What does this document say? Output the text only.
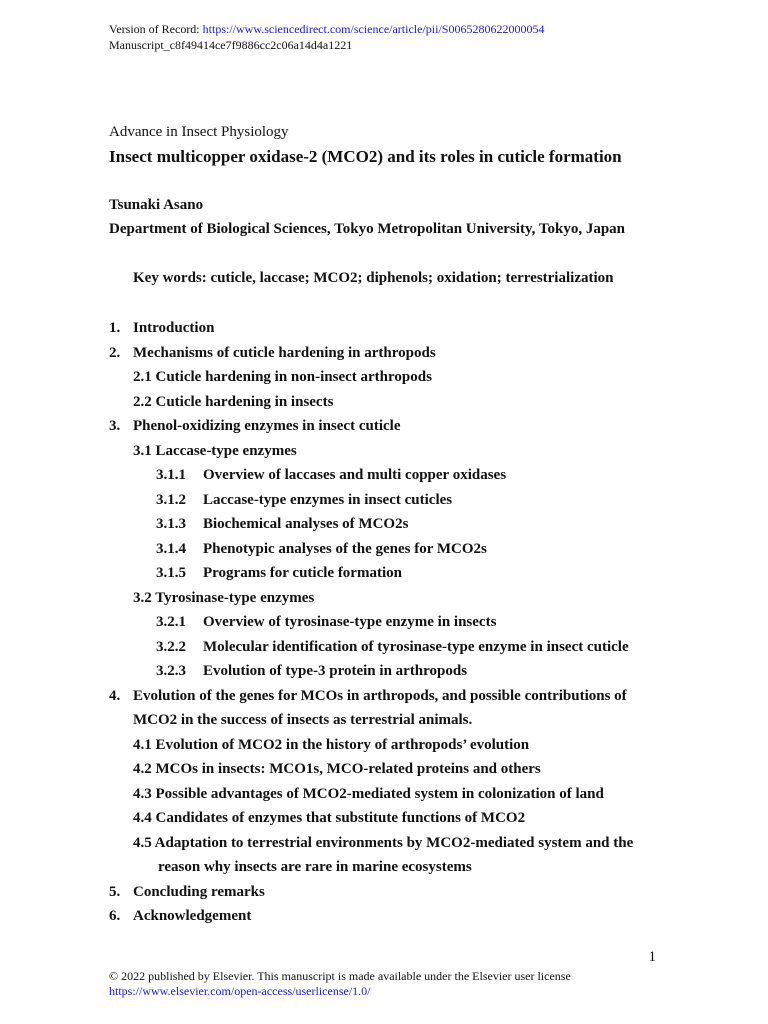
Version of Record: https://www.sciencedirect.com/science/article/pii/S0065280622000054
Manuscript_c8f49414ce7f9886cc2c06a14d4a1221
Advance in Insect Physiology
Insect multicopper oxidase-2 (MCO2) and its roles in cuticle formation
Tsunaki Asano
Department of Biological Sciences, Tokyo Metropolitan University, Tokyo, Japan
Key words: cuticle, laccase; MCO2; diphenols; oxidation; terrestrialization
1. Introduction
2. Mechanisms of cuticle hardening in arthropods
2.1 Cuticle hardening in non-insect arthropods
2.2 Cuticle hardening in insects
3. Phenol-oxidizing enzymes in insect cuticle
3.1 Laccase-type enzymes
3.1.1 Overview of laccases and multi copper oxidases
3.1.2 Laccase-type enzymes in insect cuticles
3.1.3 Biochemical analyses of MCO2s
3.1.4 Phenotypic analyses of the genes for MCO2s
3.1.5 Programs for cuticle formation
3.2 Tyrosinase-type enzymes
3.2.1 Overview of tyrosinase-type enzyme in insects
3.2.2 Molecular identification of tyrosinase-type enzyme in insect cuticle
3.2.3 Evolution of type-3 protein in arthropods
4. Evolution of the genes for MCOs in arthropods, and possible contributions of
MCO2 in the success of insects as terrestrial animals.
4.1 Evolution of MCO2 in the history of arthropods’ evolution
4.2 MCOs in insects: MCO1s, MCO-related proteins and others
4.3 Possible advantages of MCO2-mediated system in colonization of land
4.4 Candidates of enzymes that substitute functions of MCO2
4.5 Adaptation to terrestrial environments by MCO2-mediated system and the
reason why insects are rare in marine ecosystems
5. Concluding remarks
6. Acknowledgement
1
© 2022 published by Elsevier. This manuscript is made available under the Elsevier user license
https://www.elsevier.com/open-access/userlicense/1.0/
